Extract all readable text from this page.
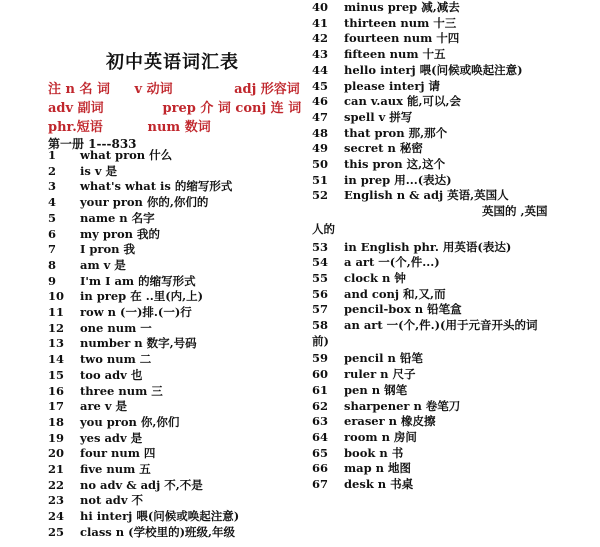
初中英语词汇表
注 n 名 词 v 动词	adj 形容词
adv 副词	prep 介 词 conj 连 词
phr.短语	num 数词
第一册 1---833
1 what pron 什么
2 is v 是
3 what's what is 的缩写形式
4 your pron 你的,你们的
5 name n 名字
6 my pron 我的
7 I pron 我
8 am v 是
9 I'm I am 的缩写形式
10 in prep 在 ..里(内,上)
11 row n (一)排.(一)行
12 one num 一
13 number n 数字,号码
14 two num 二
15 too adv 也
16 three num 三
17 are v 是
18 you pron 你,你们
19 yes adv 是
20 four num 四
21 five num 五
22 no adv & adj 不,不是
23 not adv 不
24 hi interj 喂(问候或唤起注意)
25 class n (学校里的)班级,年级
40 minus prep 减,减去
41 thirteen num 十三
42 fourteen num 十四
43 fifteen num 十五
44 hello interj 喂(问候或唤起注意)
45 please interj 请
46 can v.aux 能,可以,会
47 spell v 拼写
48 that pron 那,那个
49 secret n 秘密
50 this pron 这,这个
51 in prep 用...(表达)
52 English n & adj 英语,英国人
英国的 ,英国
人的
53 in English phr. 用英语(表达)
54 a art 一(个,件...)
55 clock n 钟
56 and conj 和,又,而
57 pencil-box n 铅笔盒
58 an art 一(个,件.)(用于元音开头的词
前)
59 pencil n 铅笔
60 ruler n 尺子
61 pen n 钢笔
62 sharpener n 卷笔刀
63 eraser n 橡皮擦
64 room n 房间
65 book n 书
66 map n 地图
67 desk n 书桌
